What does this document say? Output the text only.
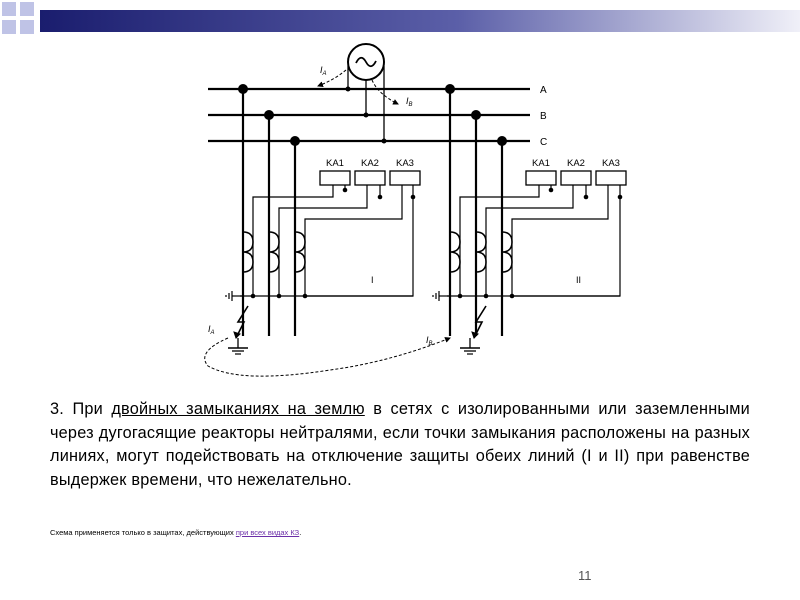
A
B
C
$I_A$
$I_B$
KA1 KA2 KA3
I
KA1 KA2 KA3
II
$I_A$
$I_B$
3. При двойных замыканиях на землю в сетях с изолированными или заземленными через дугогасящие реакторы нейтралями, если точки замыкания расположены на разных линиях, могут подействовать на отключение защиты обеих линий (I и II) при равенстве выдержек времени, что нежелательно.
Схема применяется только в защитах, действующих при всех видах КЗ.
11
